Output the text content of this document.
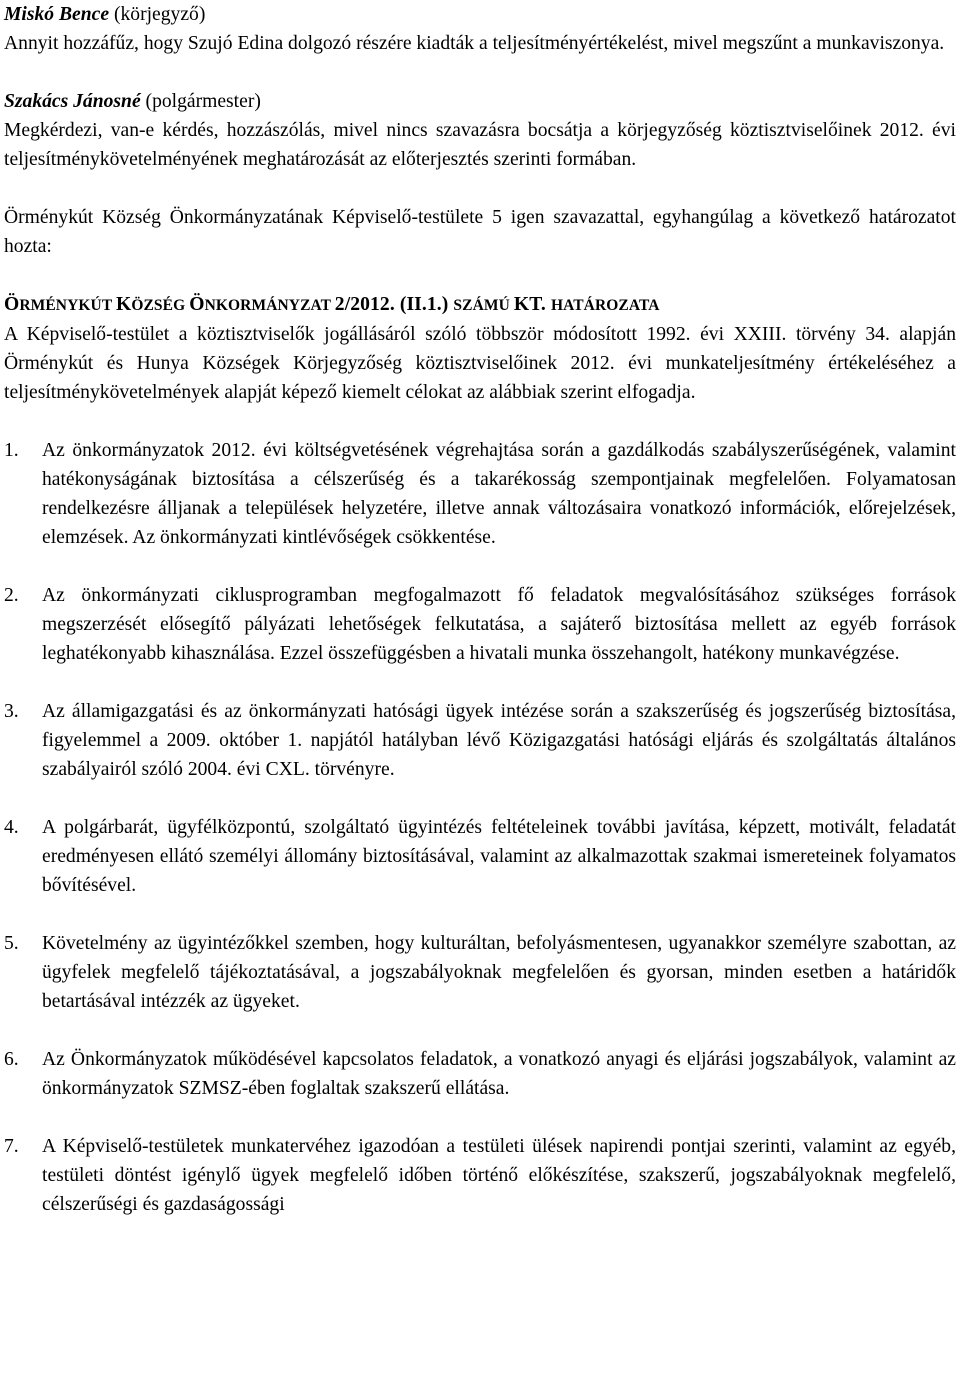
Miskó Bence (körjegyző)

Annyit hozzáfűz, hogy Szujó Edina dolgozó részére kiadták a teljesítményértékelést, mivel megszűnt a munkaviszonya.

Szakács Jánosné (polgármester)

Megkérdezi, van-e kérdés, hozzászólás, mivel nincs szavazásra bocsátja a körjegyzőség köztisztviselőinek 2012. évi teljesítménykövetelményének meghatározását az előterjesztés szerinti formában.

Örménykút Község Önkormányzatának Képviselő-testülete 5 igen szavazattal, egyhangúlag a következő határozatot hozta:

ÖRMÉNYKÚT KÖZSÉG ÖNKORMÁNYZAT 2/2012. (II.1.) SZÁMÚ KT. HATÁROZATA

A Képviselő-testület a köztisztviselők jogállásáról szóló többször módosított 1992. évi XXIII. törvény 34. alapján Örménykút és Hunya Községek Körjegyzőség köztisztviselőinek 2012. évi munkateljesítmény értékeléséhez a teljesítménykövetelmények alapját képező kiemelt célokat az alábbiak szerint elfogadja.

1. Az önkormányzatok 2012. évi költségvetésének végrehajtása során a gazdálkodás szabályszerűségének, valamint hatékonyságának biztosítása a célszerűség és a takarékosság szempontjainak megfelelően. Folyamatosan rendelkezésre álljanak a települések helyzetére, illetve annak változásaira vonatkozó információk, előrejelzések, elemzések. Az önkormányzati kintlévőségek csökkentése.
2. Az önkormányzati ciklusprogramban megfogalmazott fő feladatok megvalósításához szükséges források megszerzését elősegítő pályázati lehetőségek felkutatása, a sajáterő biztosítása mellett az egyéb források leghatékonyabb kihasználása. Ezzel összefüggésben a hivatali munka összehangolt, hatékony munkavégzése.
3. Az államigazgatási és az önkormányzati hatósági ügyek intézése során a szakszerűség és jogszerűség biztosítása, figyelemmel a 2009. október 1. napjától hatályban lévő Közigazgatási hatósági eljárás és szolgáltatás általános szabályairól szóló 2004. évi CXL. törvényre.
4. A polgárbarát, ügyfélközpontú, szolgáltató ügyintézés feltételeinek további javítása, képzett, motivált, feladatát eredményesen ellátó személyi állomány biztosításával, valamint az alkalmazottak szakmai ismereteinek folyamatos bővítésével.
5. Követelmény az ügyintézőkkel szemben, hogy kulturáltan, befolyásmentesen, ugyanakkor személyre szabottan, az ügyfelek megfelelő tájékoztatásával, a jogszabályoknak megfelelően és gyorsan, minden esetben a határidők betartásával intézzék az ügyeket.
6. Az Önkormányzatok működésével kapcsolatos feladatok, a vonatkozó anyagi és eljárási jogszabályok, valamint az önkormányzatok SZMSZ-ében foglaltak szakszerű ellátása.
7. A Képviselő-testületek munkatervéhez igazodóan a testületi ülések napirendi pontjai szerinti, valamint az egyéb, testületi döntést igénylő ügyek megfelelő időben történő előkészítése, szakszerű, jogszabályoknak megfelelő, célszerűségi és gazdaságossági
